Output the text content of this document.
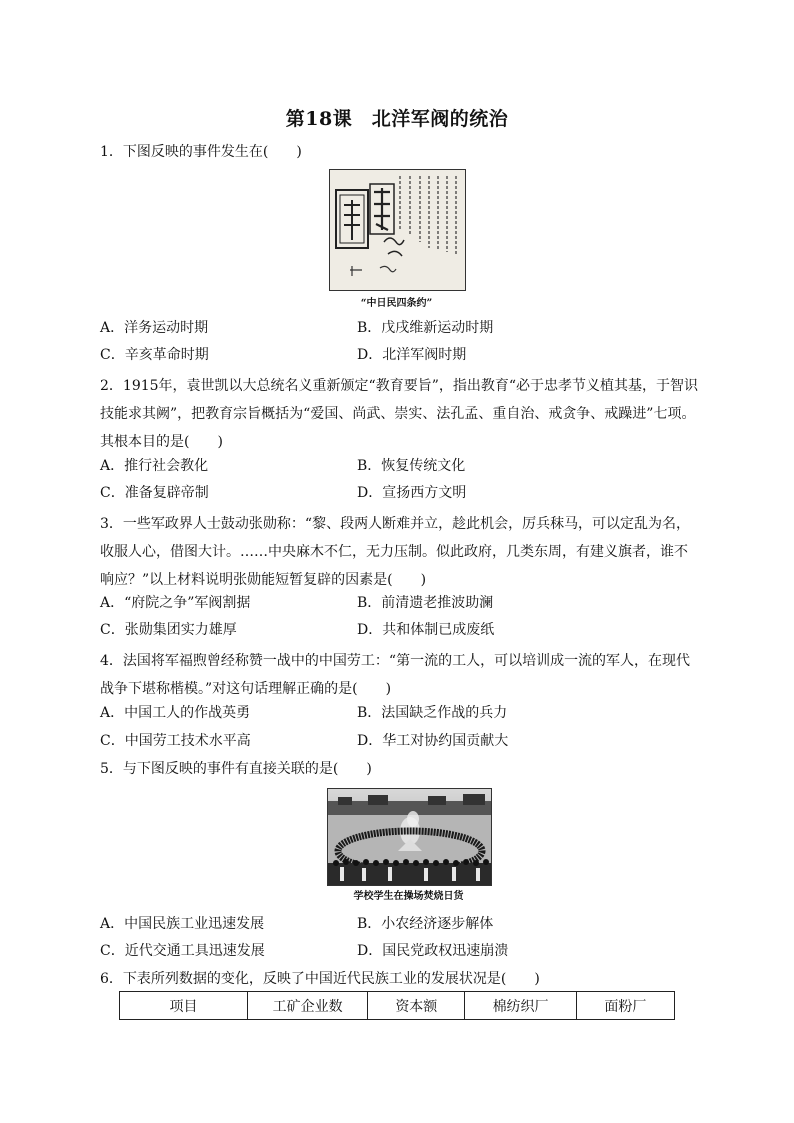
第18课　北洋军阀的统治
1．下图反映的事件发生在(　　)
“中日民四条约”
A．洋务运动时期	B．戊戌维新运动时期
C．辛亥革命时期	D．北洋军阀时期
2．1915年，袁世凯以大总统名义重新颁定“教育要旨”，指出教育“必于忠孝节义植其基，于智识技能求其阙”，把教育宗旨概括为“爱国、尚武、崇实、法孔孟、重自治、戒贪争、戒躁进”七项。其根本目的是(　　)
A．推行社会教化	B．恢复传统文化
C．准备复辟帝制	D．宣扬西方文明
3．一些军政界人士鼓动张勋称：“黎、段两人断难并立，趁此机会，厉兵秣马，可以定乱为名，收服人心，借图大计。……中央麻木不仁，无力压制。似此政府，几类东周，有建义旗者，谁不响应？”以上材料说明张勋能短暂复辟的因素是(　　)
A．“府院之争”军阀割据	B．前清遗老推波助澜
C．张勋集团实力雄厚	D．共和体制已成废纸
4．法国将军福煦曾经称赞一战中的中国劳工：“第一流的工人，可以培训成一流的军人，在现代战争下堪称楷模。”对这句话理解正确的是(　　)
A．中国工人的作战英勇	B．法国缺乏作战的兵力
C．中国劳工技术水平高	D．华工对协约国贡献大
5．与下图反映的事件有直接关联的是(　　)
学校学生在操场焚烧日货
A．中国民族工业迅速发展	B．小农经济逐步解体
C．近代交通工具迅速发展	D．国民党政权迅速崩溃
6．下表所列数据的变化，反映了中国近代民族工业的发展状况是(　　)
项目	工矿企业数	资本额	棉纺织厂	面粉厂
